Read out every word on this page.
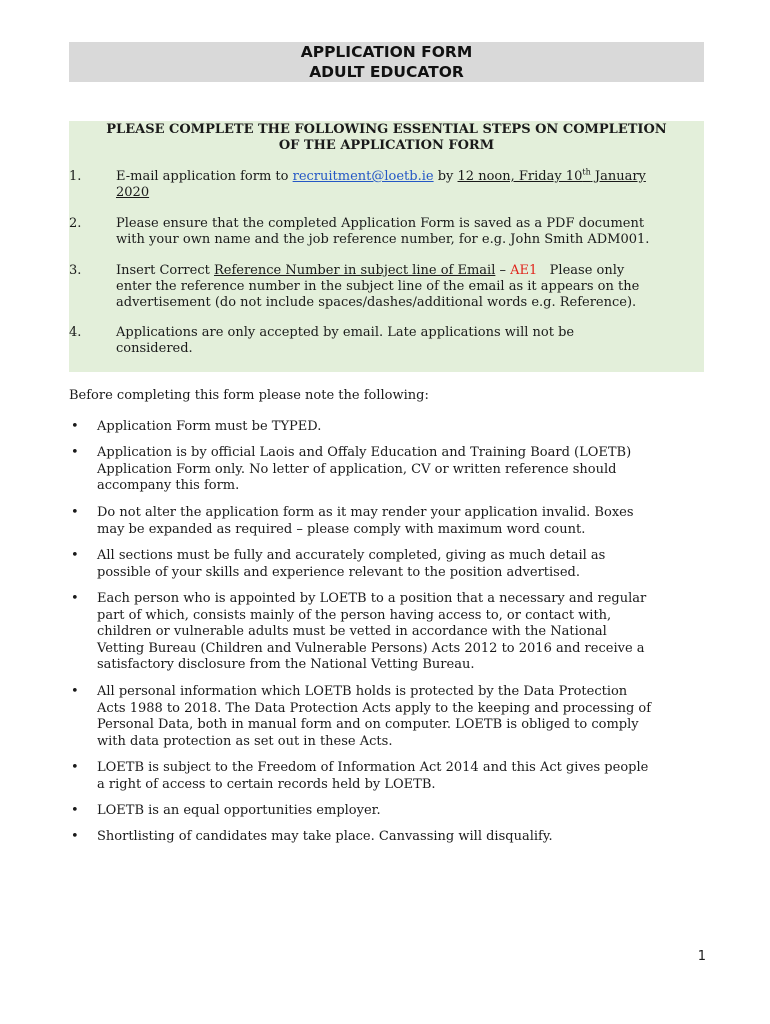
APPLICATION FORM
ADULT EDUCATOR
PLEASE COMPLETE THE FOLLOWING ESSENTIAL STEPS ON COMPLETION
OF THE APPLICATION FORM
1.	E-mail application form to recruitment@loetb.ie by 12 noon, Friday 10th January
2020
2.	Please ensure that the completed Application Form is saved as a PDF document
with your own name and the job reference number, for e.g. John Smith ADM001.
3.	Insert Correct Reference Number in subject line of Email – AE1   Please only
enter the reference number in the subject line of the email as it appears on the
advertisement (do not include spaces/dashes/additional words e.g. Reference).
4.	Applications are only accepted by email. Late applications will not be
considered.
Before completing this form please note the following:
• Application Form must be TYPED.
• Application is by official Laois and Offaly Education and Training Board (LOETB)
Application Form only. No letter of application, CV or written reference should
accompany this form.
• Do not alter the application form as it may render your application invalid. Boxes
may be expanded as required – please comply with maximum word count.
• All sections must be fully and accurately completed, giving as much detail as
possible of your skills and experience relevant to the position advertised.
• Each person who is appointed by LOETB to a position that a necessary and regular
part of which, consists mainly of the person having access to, or contact with,
children or vulnerable adults must be vetted in accordance with the National
Vetting Bureau (Children and Vulnerable Persons) Acts 2012 to 2016 and receive a
satisfactory disclosure from the National Vetting Bureau.
• All personal information which LOETB holds is protected by the Data Protection
Acts 1988 to 2018. The Data Protection Acts apply to the keeping and processing of
Personal Data, both in manual form and on computer. LOETB is obliged to comply
with data protection as set out in these Acts.
• LOETB is subject to the Freedom of Information Act 2014 and this Act gives people
a right of access to certain records held by LOETB.
• LOETB is an equal opportunities employer.
• Shortlisting of candidates may take place. Canvassing will disqualify.
1
